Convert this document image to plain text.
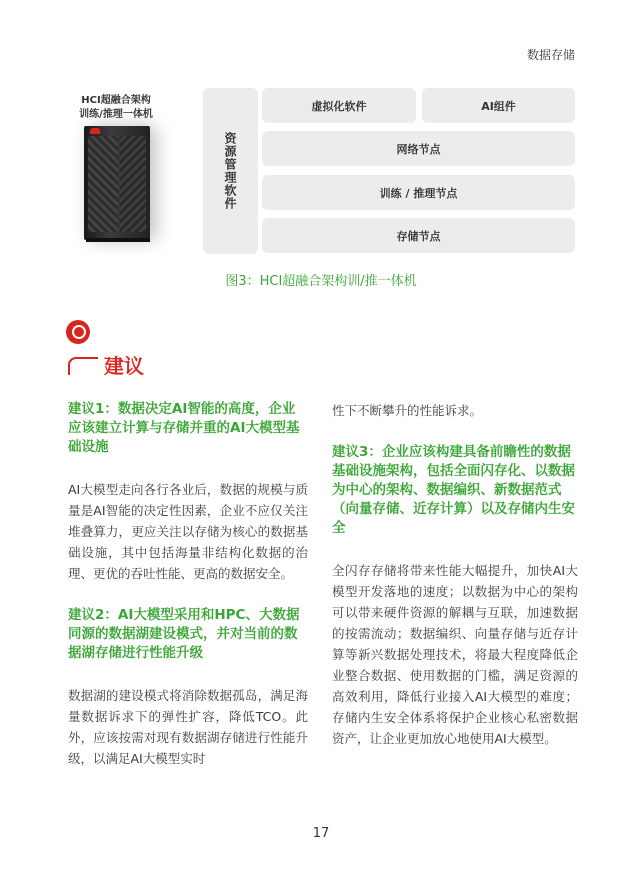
数据存储
HCI超融合架构
训练/推理一体机
资源管理软件
虚拟化软件	AI组件
网络节点
训练 / 推理节点
存储节点
图3：HCI超融合架构训/推一体机
建议

建议1：数据决定AI智能的高度，企业应该建立计算与存储并重的AI大模型基础设施

AI大模型走向各行各业后，数据的规模与质量是AI智能的决定性因素，企业不应仅关注堆叠算力，更应关注以存储为核心的数据基础设施，其中包括海量非结构化数据的治理、更优的吞吐性能、更高的数据安全。

建议2：AI大模型采用和HPC、大数据同源的数据湖建设模式，并对当前的数据湖存储进行性能升级

数据湖的建设模式将消除数据孤岛，满足海量数据诉求下的弹性扩容，降低TCO。此外，应该按需对现有数据湖存储进行性能升级，以满足AI大模型实时

性下不断攀升的性能诉求。

建议3：企业应该构建具备前瞻性的数据基础设施架构，包括全面闪存化、以数据为中心的架构、数据编织、新数据范式（向量存储、近存计算）以及存储内生安全

全闪存存储将带来性能大幅提升，加快AI大模型开发落地的速度；以数据为中心的架构可以带来硬件资源的解耦与互联，加速数据的按需流动；数据编织、向量存储与近存计算等新兴数据处理技术，将最大程度降低企业整合数据、使用数据的门槛，满足资源的高效利用，降低行业接入AI大模型的难度；存储内生安全体系将保护企业核心私密数据资产，让企业更加放心地使用AI大模型。

17
